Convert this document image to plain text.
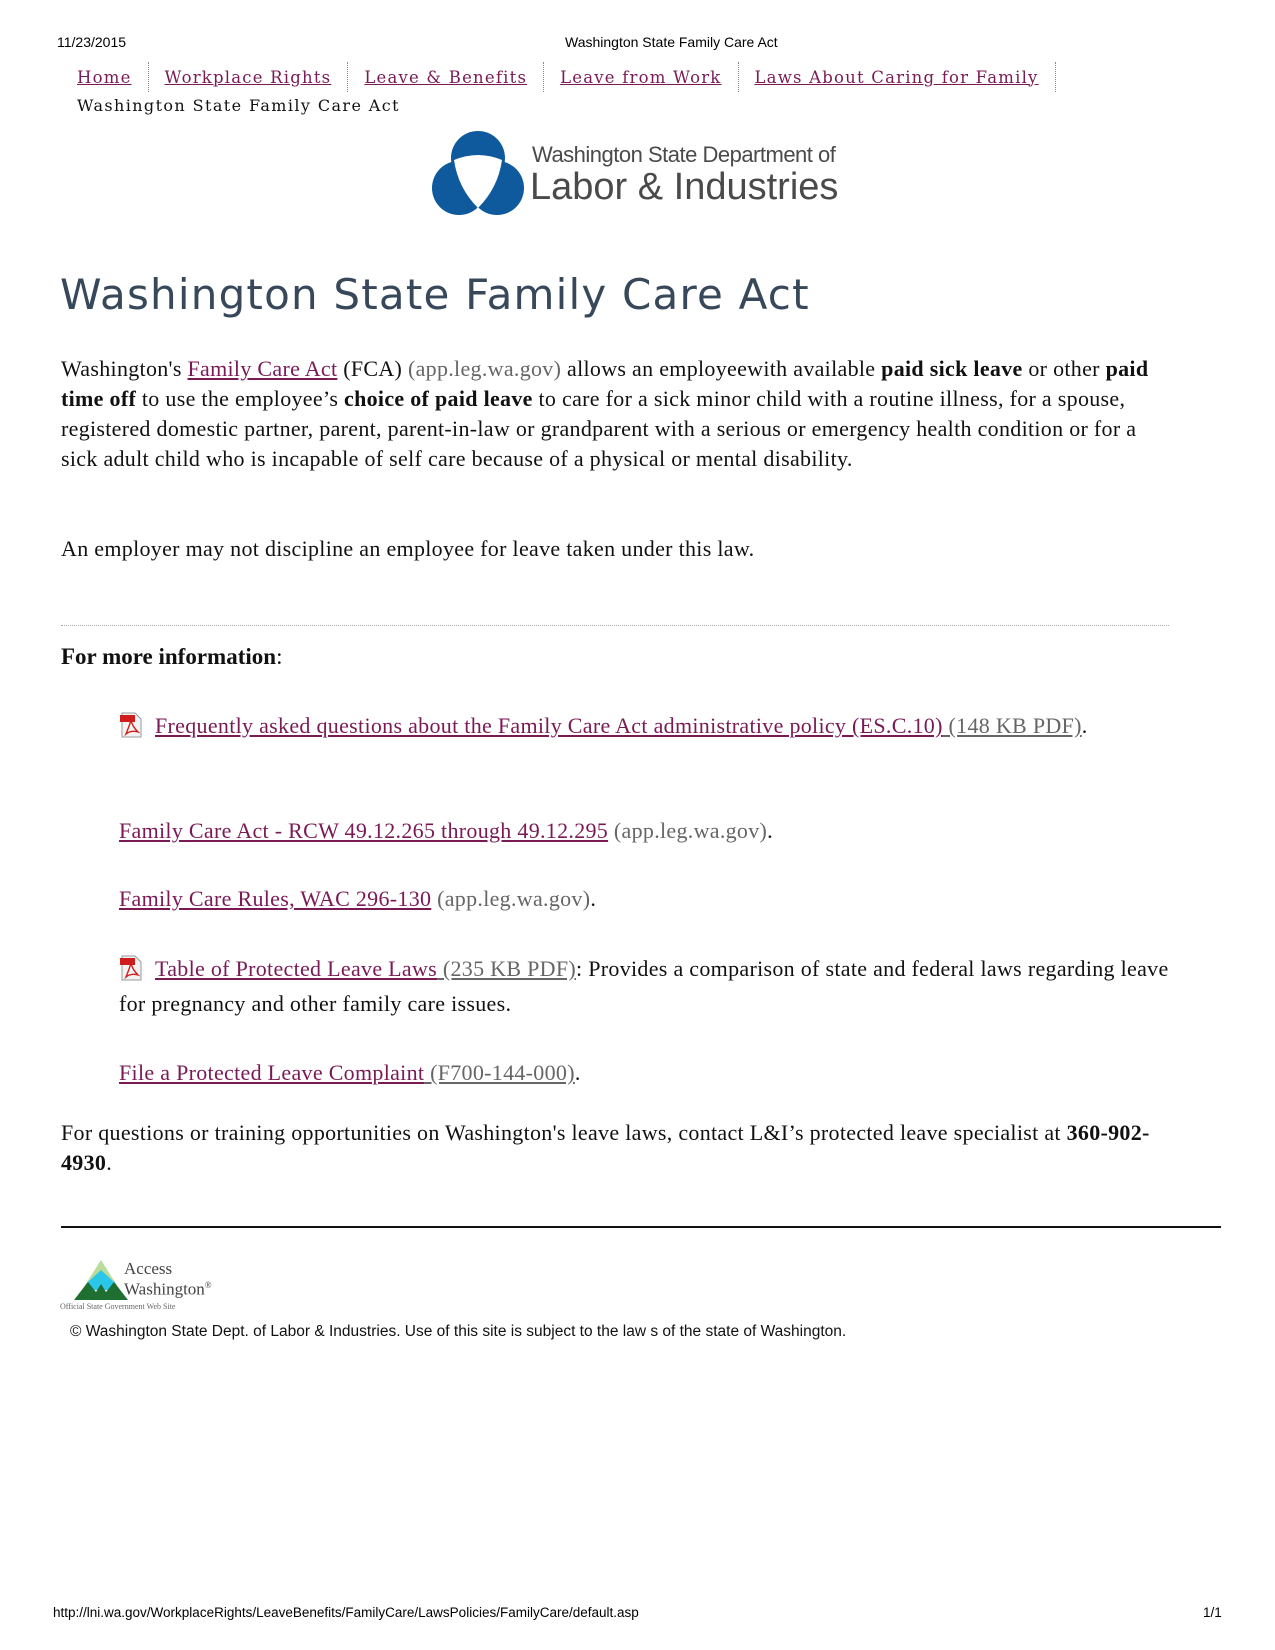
11/23/2015	Washington State Family Care Act
Home	Workplace Rights	Leave & Benefits	Leave from Work	Laws About Caring for Family
Washington State Family Care Act
Washington State Department of
Labor & Industries
Washington State Family Care Act

Washington's Family Care Act (FCA) (app.leg.wa.gov) allows an employeewith available paid sick leave or other paid time off to use the employee’s choice of paid leave to care for a sick minor child with a routine illness, for a spouse, registered domestic partner, parent, parent-in-law or grandparent with a serious or emergency health condition or for a sick adult child who is incapable of self care because of a physical or mental disability.

An employer may not discipline an employee for leave taken under this law.

For more information:
Frequently asked questions about the Family Care Act administrative policy (ES.C.10) (148 KB PDF).
Family Care Act - RCW 49.12.265 through 49.12.295 (app.leg.wa.gov).
Family Care Rules, WAC 296-130 (app.leg.wa.gov).
Table of Protected Leave Laws (235 KB PDF): Provides a comparison of state and federal laws regarding leave for pregnancy and other family care issues.
File a Protected Leave Complaint (F700-144-000).

For questions or training opportunities on Washington's leave laws, contact L&I’s protected leave specialist at 360-902-4930.

Access
Washington®
Official State Government Web Site
© Washington State Dept. of Labor & Industries. Use of this site is subject to the law s of the state of Washington.
http://lni.wa.gov/WorkplaceRights/LeaveBenefits/FamilyCare/LawsPolicies/FamilyCare/default.asp	1/1
